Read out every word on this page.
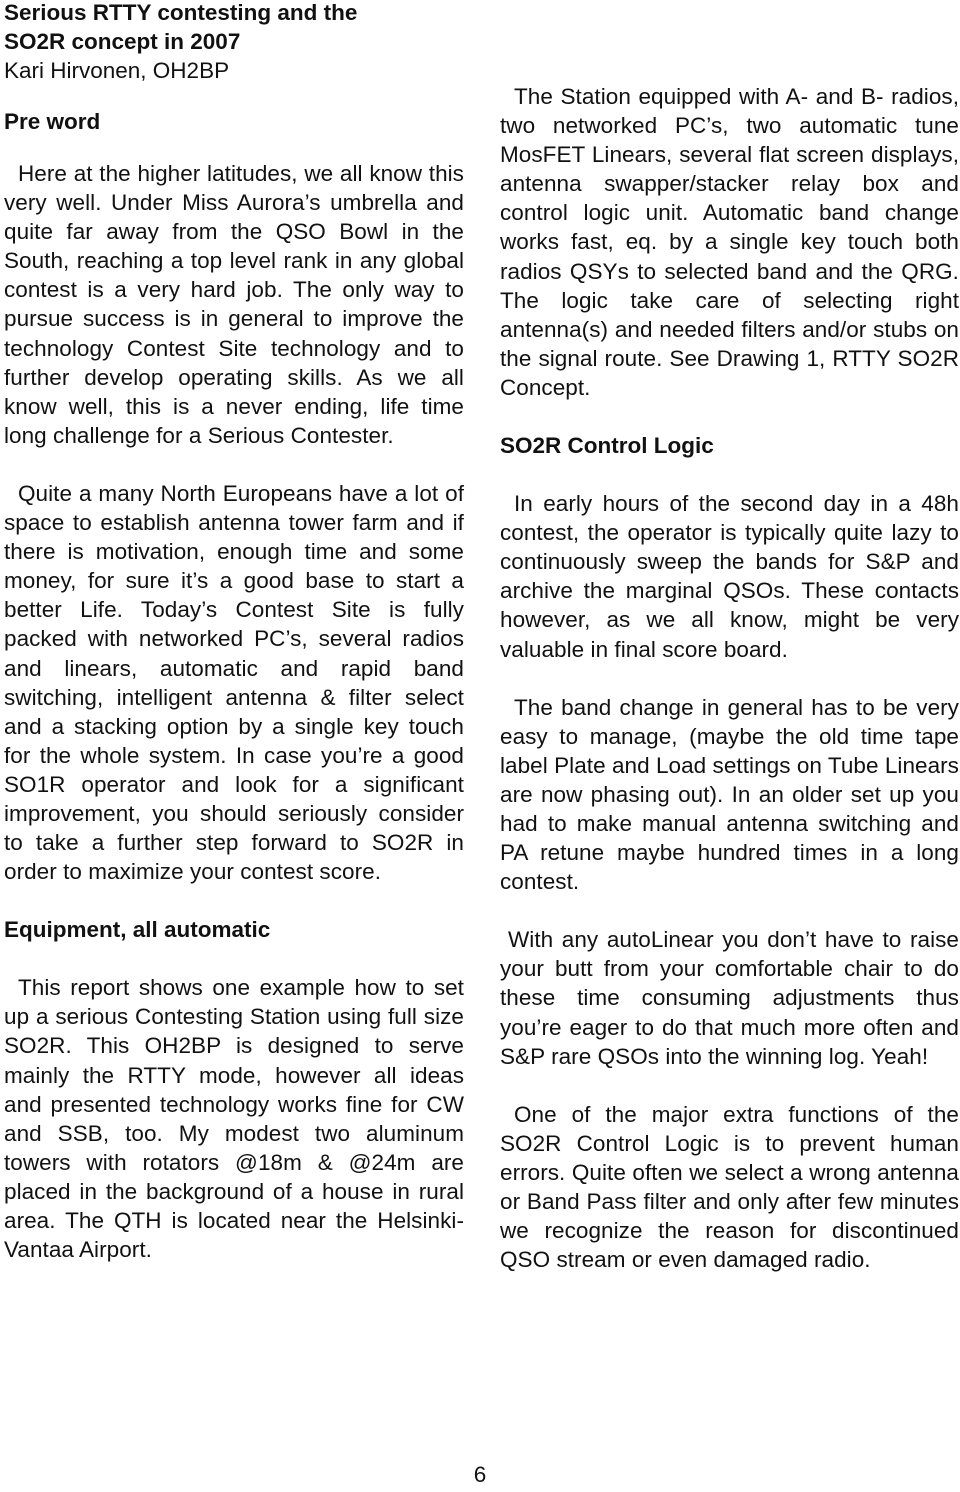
Serious RTTY contesting and the
SO2R concept in 2007
Kari Hirvonen, OH2BP
Pre word

Here at the higher latitudes, we all know this very well. Under Miss Aurora’s umbrella and quite far away from the QSO Bowl in the South, reaching a top level rank in any global contest is a very hard job. The only way to pursue success is in general to improve the technology Contest Site technology and to further develop operating skills. As we all know well, this is a never ending, life time long challenge for a Serious Contester.

Quite a many North Europeans have a lot of space to establish antenna tower farm and if there is motivation, enough time and some money, for sure it’s a good base to start a better Life. Today’s Contest Site is fully packed with networked PC’s, several radios and linears, automatic and rapid band switching, intelligent antenna & filter select and a stacking option by a single key touch for the whole system. In case you’re a good SO1R operator and look for a significant improvement, you should seriously consider to take a further step forward to SO2R in order to maximize your contest score.

Equipment, all automatic

This report shows one example how to set up a serious Contesting Station using full size SO2R. This OH2BP is designed to serve mainly the RTTY mode, however all ideas and presented technology works fine for CW and SSB, too. My modest two aluminum towers with rotators @18m & @24m are placed in the background of a house in rural area. The QTH is located near the Helsinki-Vantaa Airport.

The Station equipped with A- and B- radios, two networked PC’s, two automatic tune MosFET Linears, several flat screen displays, antenna swapper/stacker relay box and control logic unit. Automatic band change works fast, eq. by a single key touch both radios QSYs to selected band and the QRG. The logic take care of selecting right antenna(s) and needed filters and/or stubs on the signal route. See Drawing 1, RTTY SO2R Concept.

SO2R Control Logic

In early hours of the second day in a 48h contest, the operator is typically quite lazy to continuously sweep the bands for S&P and archive the marginal QSOs. These contacts however, as we all know, might be very valuable in final score board.

The band change in general has to be very easy to manage, (maybe the old time tape label Plate and Load settings on Tube Linears are now phasing out). In an older set up you had to make manual antenna switching and PA retune maybe hundred times in a long contest.

With any autoLinear you don’t have to raise your butt from your comfortable chair to do these time consuming adjustments thus you’re eager to do that much more often and S&P rare QSOs into the winning log. Yeah!

One of the major extra functions of the SO2R Control Logic is to prevent human errors. Quite often we select a wrong antenna or Band Pass filter and only after few minutes we recognize the reason for discontinued QSO stream or even damaged radio.

6
